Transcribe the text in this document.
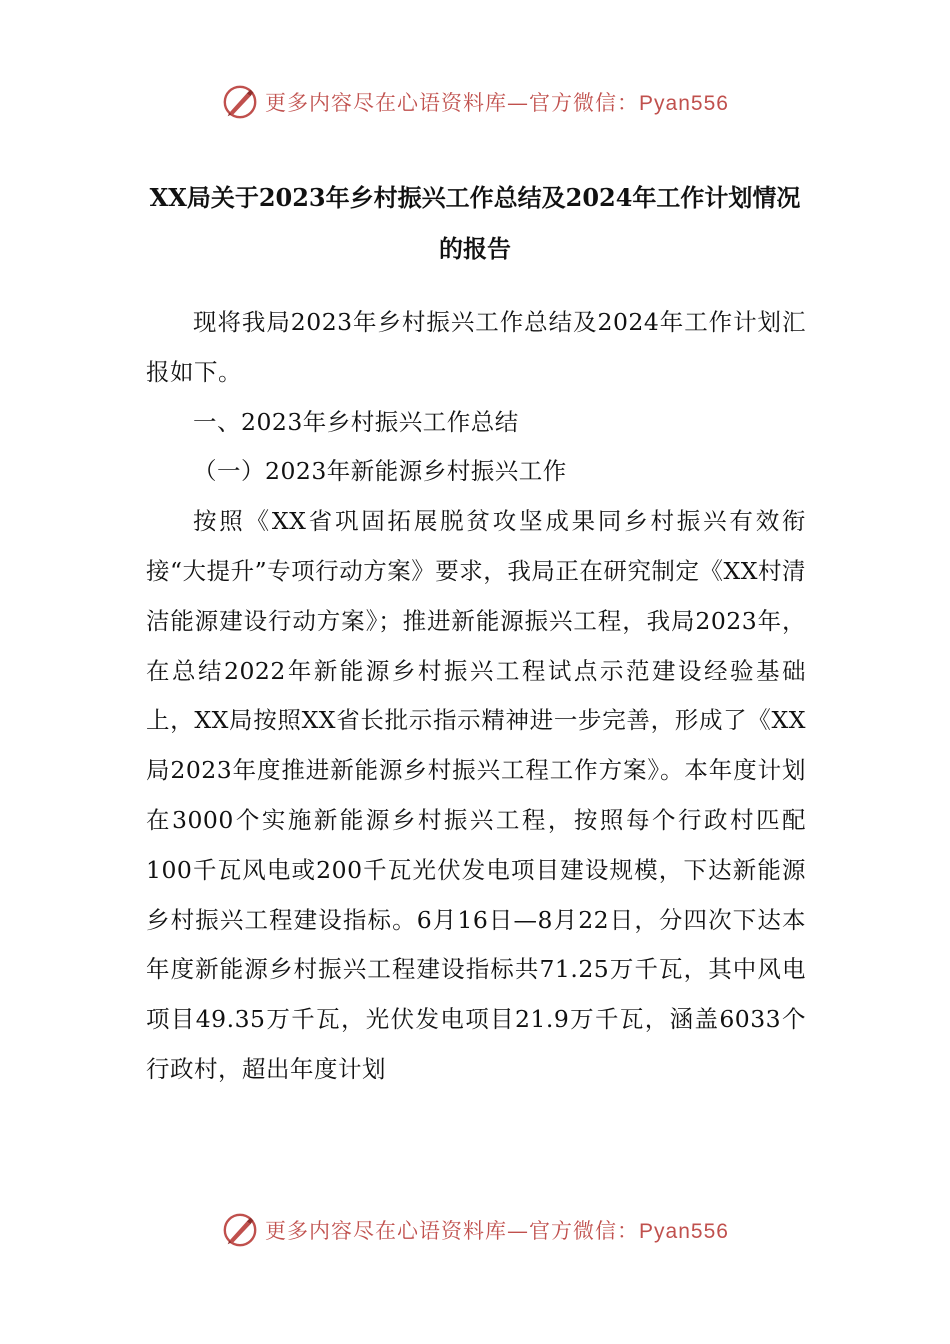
更多内容尽在心语资料库—官方微信：Pyan556
XX局关于2023年乡村振兴工作总结及2024年工作计划情况的报告

现将我局2023年乡村振兴工作总结及2024年工作计划汇报如下。

一、2023年乡村振兴工作总结

（一）2023年新能源乡村振兴工作

按照《XX省巩固拓展脱贫攻坚成果同乡村振兴有效衔接“大提升”专项行动方案》要求，我局正在研究制定《XX村清洁能源建设行动方案》；推进新能源振兴工程，我局2023年，在总结2022年新能源乡村振兴工程试点示范建设经验基础上，XX局按照XX省长批示指示精神进一步完善，形成了《XX局2023年度推进新能源乡村振兴工程工作方案》。本年度计划在3000个实施新能源乡村振兴工程，按照每个行政村匹配100千瓦风电或200千瓦光伏发电项目建设规模，下达新能源乡村振兴工程建设指标。6月16日—8月22日，分四次下达本年度新能源乡村振兴工程建设指标共71.25万千瓦，其中风电项目49.35万千瓦，光伏发电项目21.9万千瓦，涵盖6033个行政村，超出年度计划

更多内容尽在心语资料库—官方微信：Pyan556
